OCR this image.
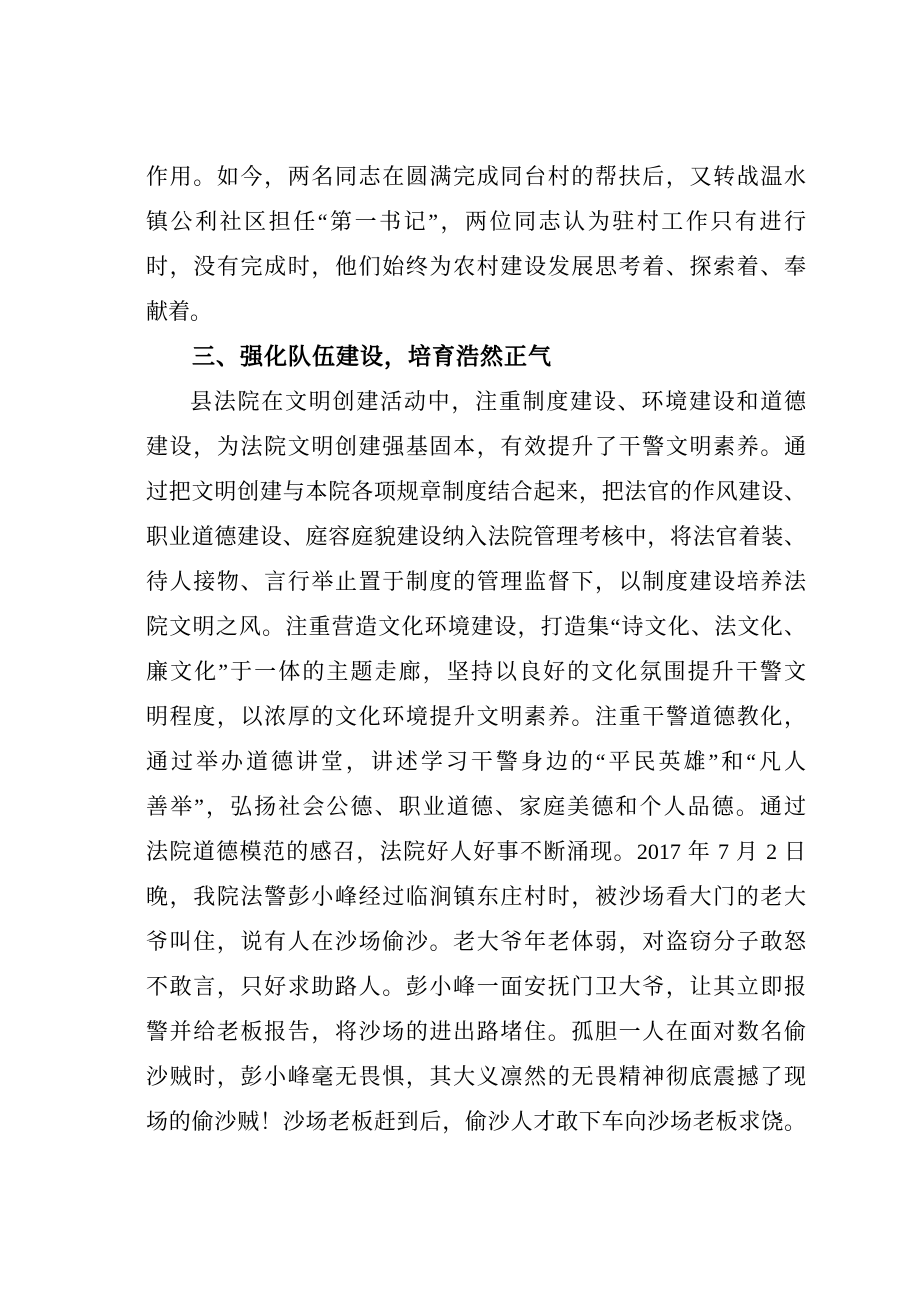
作用。如今，两名同志在圆满完成同台村的帮扶后，又转战温水

镇公利社区担任“第一书记”，两位同志认为驻村工作只有进行

时，没有完成时，他们始终为农村建设发展思考着、探索着、奉

献着。

三、强化队伍建设，培育浩然正气

县法院在文明创建活动中，注重制度建设、环境建设和道德

建设，为法院文明创建强基固本，有效提升了干警文明素养。通

过把文明创建与本院各项规章制度结合起来，把法官的作风建设、

职业道德建设、庭容庭貌建设纳入法院管理考核中，将法官着装、

待人接物、言行举止置于制度的管理监督下，以制度建设培养法

院文明之风。注重营造文化环境建设，打造集“诗文化、法文化、

廉文化”于一体的主题走廊，坚持以良好的文化氛围提升干警文

明程度，以浓厚的文化环境提升文明素养。注重干警道德教化，

通过举办道德讲堂，讲述学习干警身边的“平民英雄”和“凡人

善举”，弘扬社会公德、职业道德、家庭美德和个人品德。通过

法院道德模范的感召，法院好人好事不断涌现。2017 年 7 月 2 日

晚，我院法警彭小峰经过临涧镇东庄村时，被沙场看大门的老大

爷叫住，说有人在沙场偷沙。老大爷年老体弱，对盗窃分子敢怒

不敢言，只好求助路人。彭小峰一面安抚门卫大爷，让其立即报

警并给老板报告，将沙场的进出路堵住。孤胆一人在面对数名偷

沙贼时，彭小峰毫无畏惧，其大义凛然的无畏精神彻底震撼了现

场的偷沙贼！沙场老板赶到后，偷沙人才敢下车向沙场老板求饶。
